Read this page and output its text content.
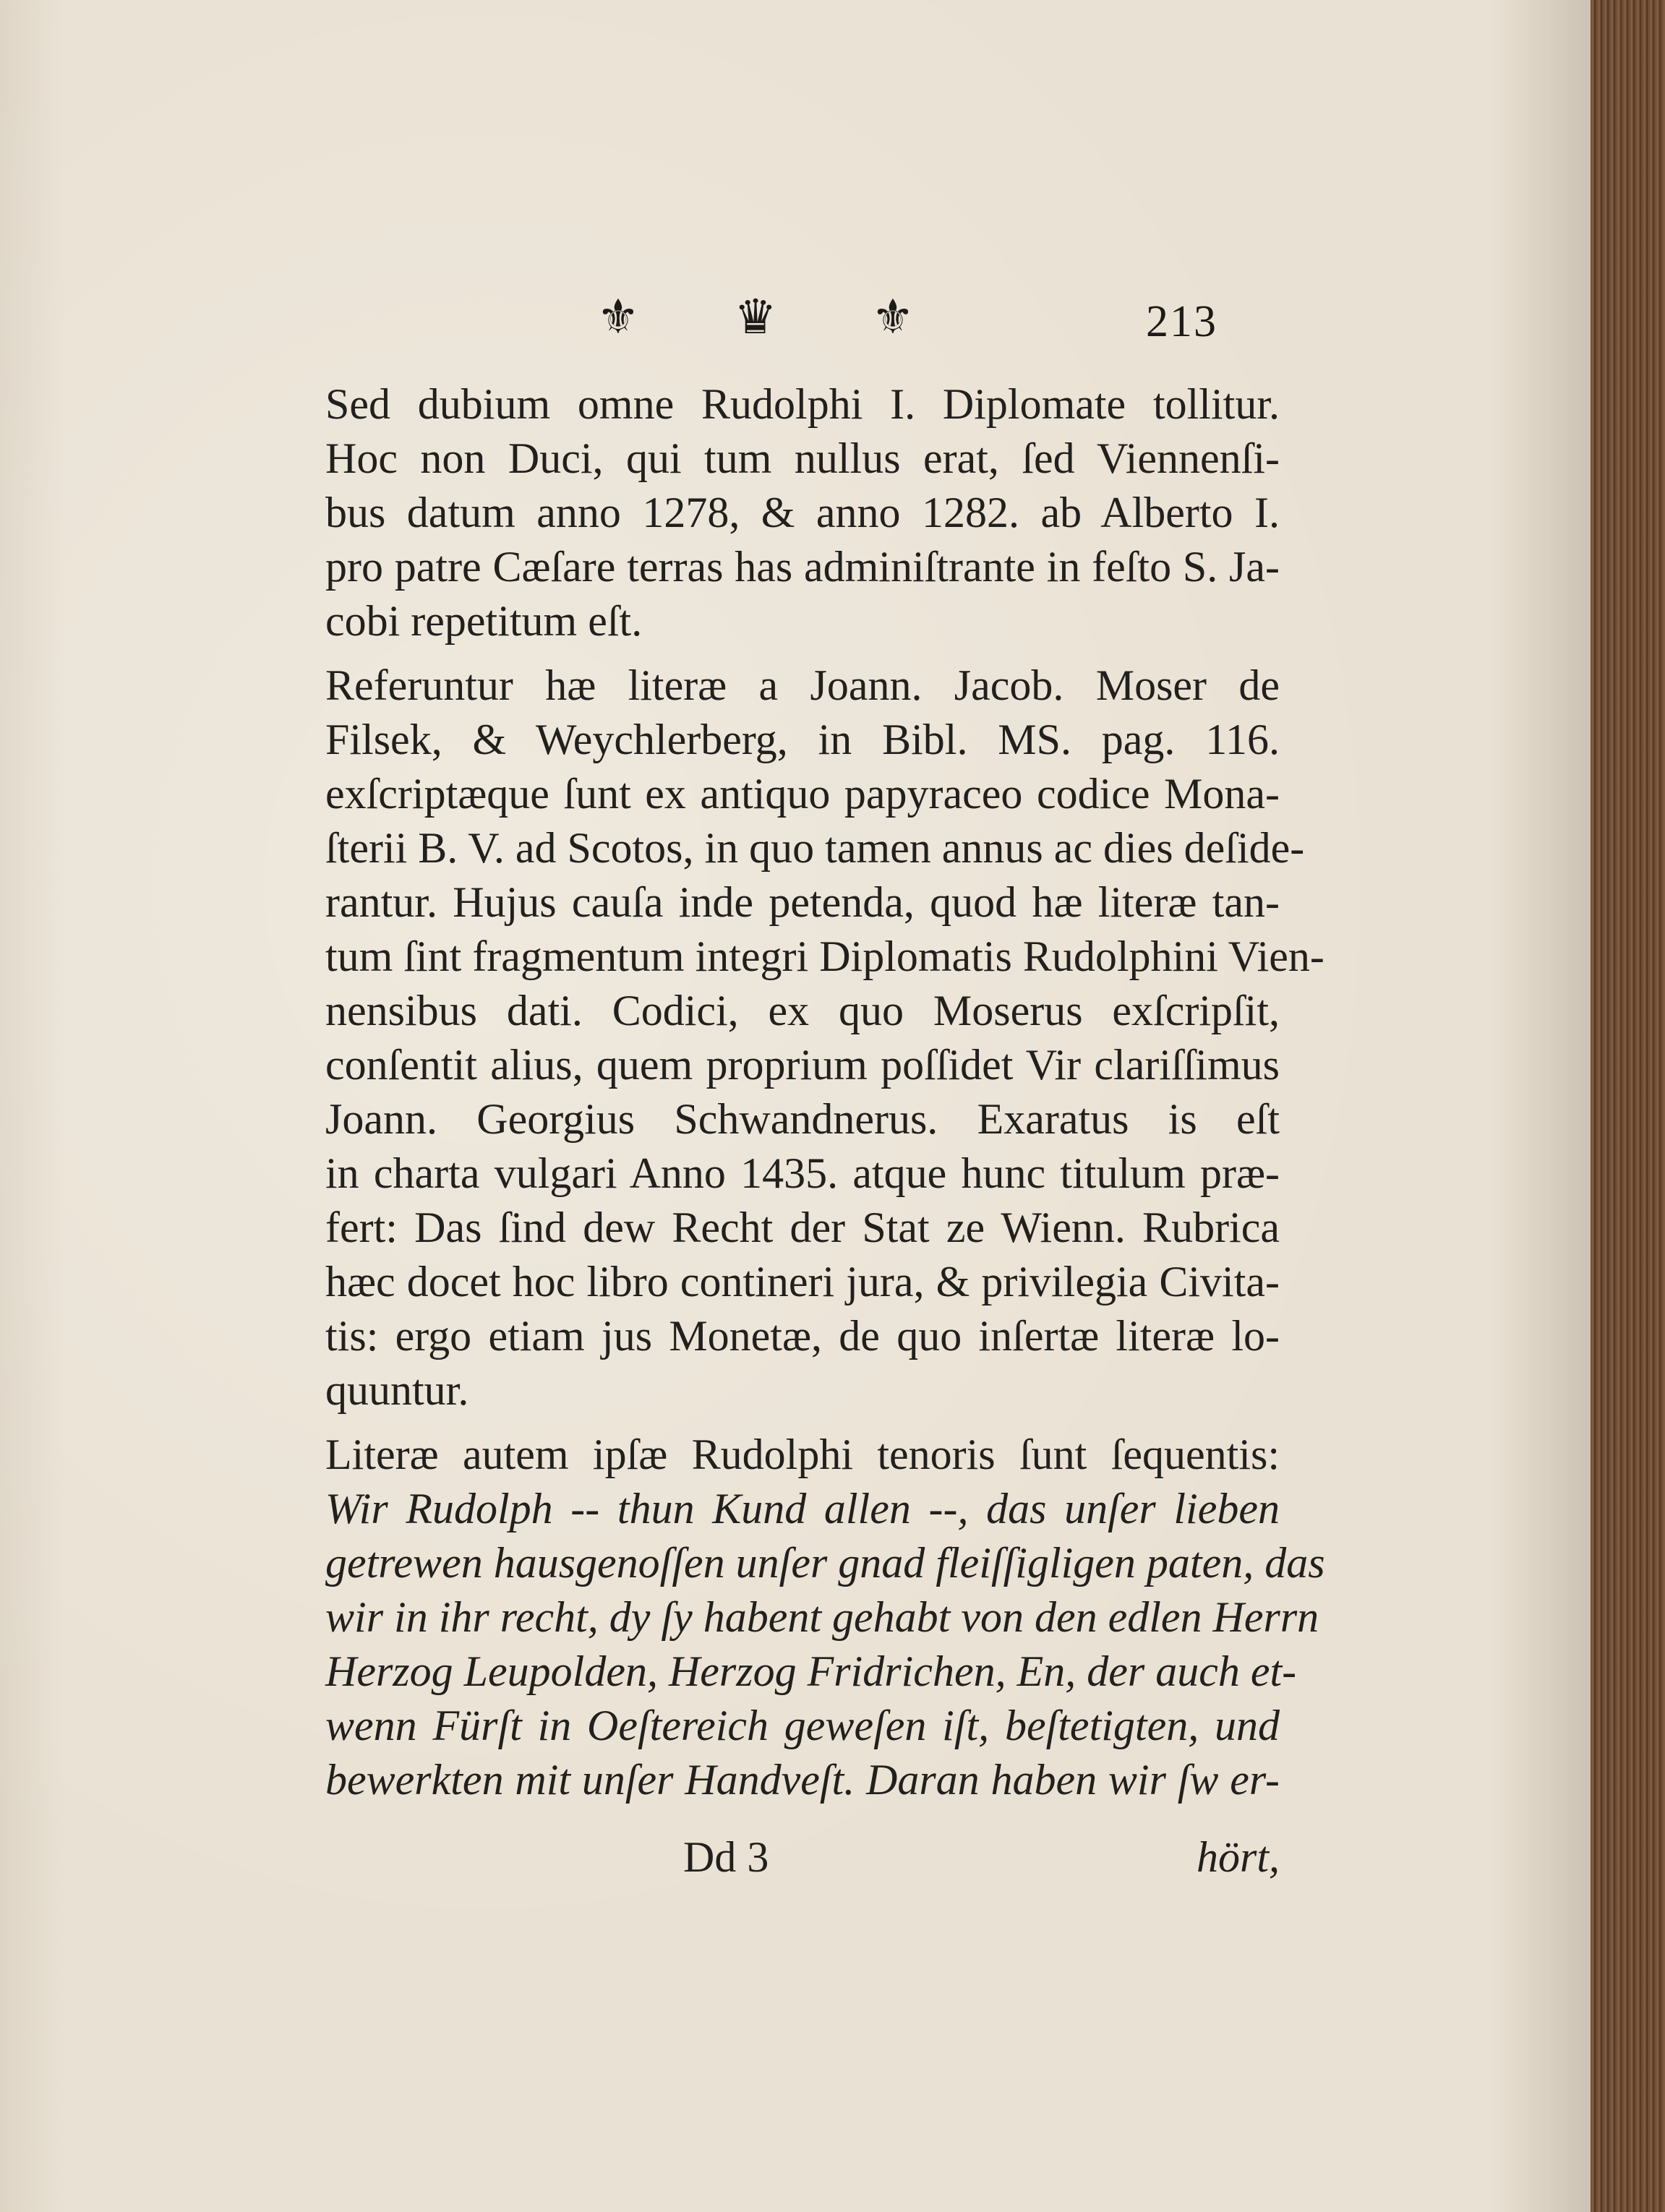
⚜ ♛ ⚜	213
Sed dubium omne Rudolphi I. Diplomate tollitur.
Hoc non Duci, qui tum nullus erat, ſed Viennenſi-
bus datum anno 1278, & anno 1282. ab Alberto I.
pro patre Cæſare terras has adminiſtrante in feſto S. Ja-
cobi repetitum eſt.
Referuntur hæ literæ a Joann. Jacob. Moser de
Filsek, & Weychlerberg, in Bibl. MS. pag. 116.
exſcriptæque ſunt ex antiquo papyraceo codice Mona-
ſterii B. V. ad Scotos, in quo tamen annus ac dies deſide-
rantur. Hujus cauſa inde petenda, quod hæ literæ tan-
tum ſint fragmentum integri Diplomatis Rudolphini Vien-
nensibus dati. Codici, ex quo Moserus exſcripſit,
conſentit alius, quem proprium poſſidet Vir clariſſimus
Joann. Georgius Schwandnerus. Exaratus is eſt
in charta vulgari Anno 1435. atque hunc titulum præ-
fert: Das ſind dew Recht der Stat ze Wienn. Rubrica
hæc docet hoc libro contineri jura, & privilegia Civita-
tis: ergo etiam jus Monetæ, de quo inſertæ literæ lo-
quuntur.
Literæ autem ipſæ Rudolphi tenoris ſunt ſequentis:
Wir Rudolph -- thun Kund allen --, das unſer lieben
getrewen hausgenoſſen unſer gnad fleiſſigligen paten, das
wir in ihr recht, dy ſy habent gehabt von den edlen Herrn
Herzog Leupolden, Herzog Fridrichen, En, der auch et-
wenn Fürſt in Oeſtereich geweſen iſt, beſtetigten, und
bewerkten mit unſer Handveſt. Daran haben wir ſw er-
Dd 3	hört,
